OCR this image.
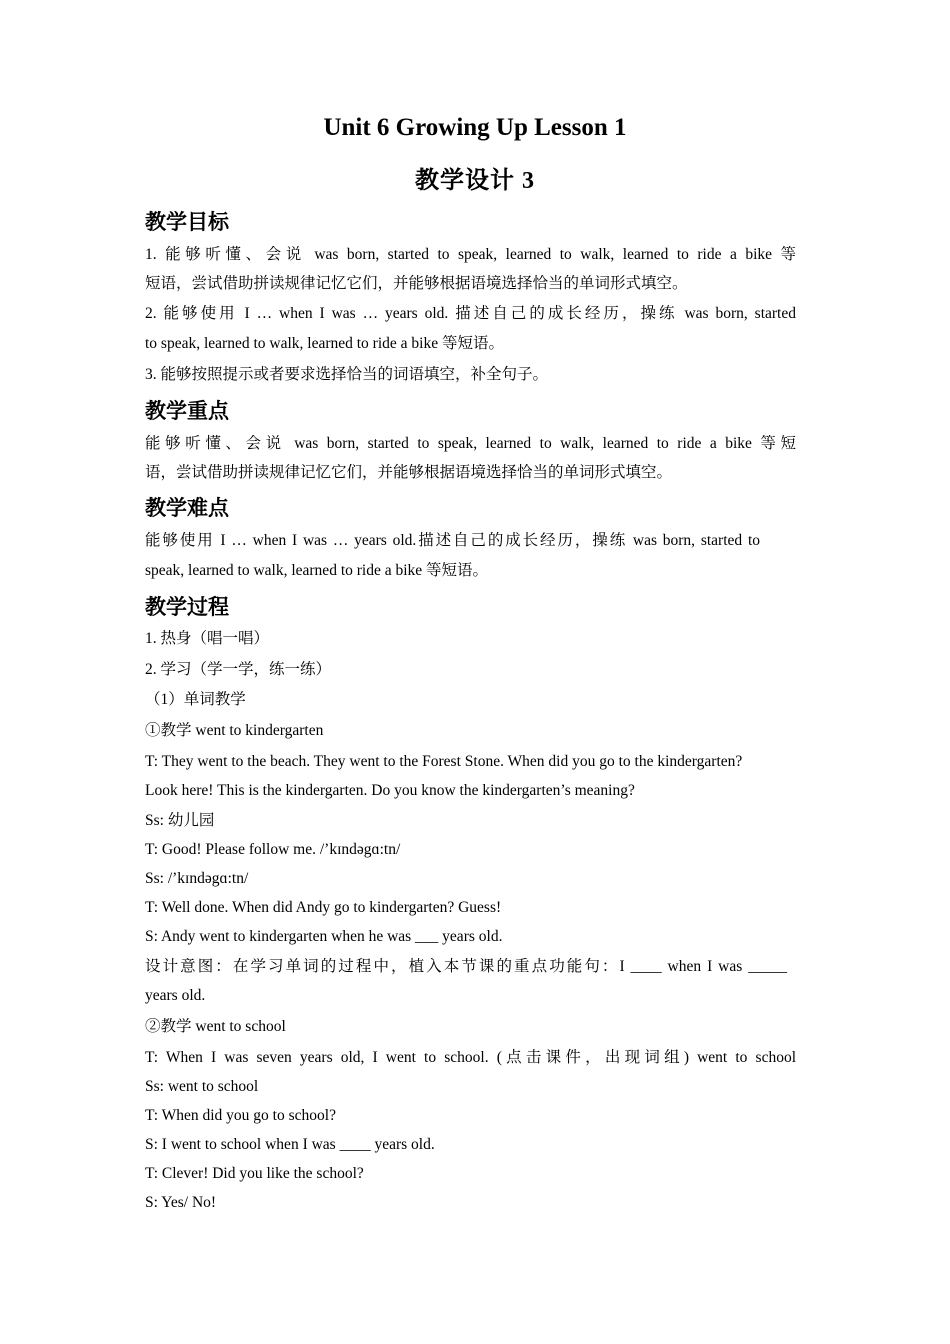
Unit 6 Growing Up Lesson 1
教学设计 3
教学目标
1. 能够听懂、会说 was born, started to speak, learned to walk, learned to ride a bike 等
短语，尝试借助拼读规律记忆它们，并能够根据语境选择恰当的单词形式填空。
2. 能够使用 I … when I was … years old. 描述自己的成长经历，操练 was born, started
to speak, learned to walk, learned to ride a bike 等短语。
3. 能够按照提示或者要求选择恰当的词语填空，补全句子。
教学重点
能够听懂、会说 was born, started to speak, learned to walk, learned to ride a bike 等短
语，尝试借助拼读规律记忆它们，并能够根据语境选择恰当的单词形式填空。
教学难点
能够使用 I … when I was … years old.描述自己的成长经历，操练 was born, started to
speak, learned to walk, learned to ride a bike 等短语。
教学过程
1. 热身（唱一唱）
2. 学习（学一学，练一练）
（1）单词教学
①教学 went to kindergarten
T: They went to the beach. They went to the Forest Stone. When did you go to the kindergarten?
Look here! This is the kindergarten. Do you know the kindergarten’s meaning?
Ss: 幼儿园
T: Good! Please follow me. /’kɪndəgɑ:tn/
Ss: /’kɪndəgɑ:tn/
T: Well done. When did Andy go to kindergarten? Guess!
S: Andy went to kindergarten when he was ___ years old.
设计意图：在学习单词的过程中，植入本节课的重点功能句：I ____ when I was _____
years old.
②教学 went to school
T: When I was seven years old, I went to school. (点击课件，出现词组) went to school
Ss: went to school
T: When did you go to school?
S: I went to school when I was ____ years old.
T: Clever! Did you like the school?
S: Yes/ No!
